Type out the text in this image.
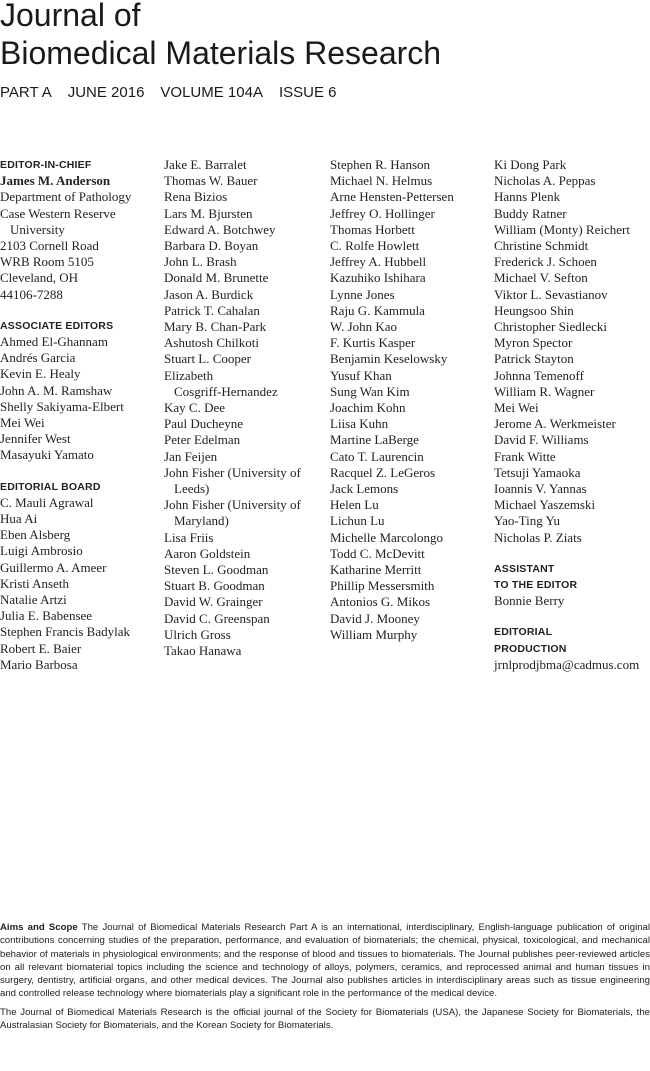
Journal of
Biomedical Materials Research
PART A JUNE 2016 VOLUME 104A ISSUE 6
EDITOR-IN-CHIEF
James M. Anderson
Department of Pathology
Case Western Reserve
University
2103 Cornell Road
WRB Room 5105
Cleveland, OH
44106-7288
ASSOCIATE EDITORS
Ahmed El-Ghannam
Andrés Garcia
Kevin E. Healy
John A. M. Ramshaw
Shelly Sakiyama-Elbert
Mei Wei
Jennifer West
Masayuki Yamato
EDITORIAL BOARD
C. Mauli Agrawal
Hua Ai
Eben Alsberg
Luigi Ambrosio
Guillermo A. Ameer
Kristi Anseth
Natalie Artzi
Julia E. Babensee
Stephen Francis Badylak
Robert E. Baier
Mario Barbosa
Jake E. Barralet
Thomas W. Bauer
Rena Bizios
Lars M. Bjursten
Edward A. Botchwey
Barbara D. Boyan
John L. Brash
Donald M. Brunette
Jason A. Burdick
Patrick T. Cahalan
Mary B. Chan-Park
Ashutosh Chilkoti
Stuart L. Cooper
Elizabeth
Cosgriff-Hernandez
Kay C. Dee
Paul Ducheyne
Peter Edelman
Jan Feijen
John Fisher (University of
Leeds)
John Fisher (University of
Maryland)
Lisa Friis
Aaron Goldstein
Steven L. Goodman
Stuart B. Goodman
David W. Grainger
David C. Greenspan
Ulrich Gross
Takao Hanawa
Stephen R. Hanson
Michael N. Helmus
Arne Hensten-Pettersen
Jeffrey O. Hollinger
Thomas Horbett
C. Rolfe Howlett
Jeffrey A. Hubbell
Kazuhiko Ishihara
Lynne Jones
Raju G. Kammula
W. John Kao
F. Kurtis Kasper
Benjamin Keselowsky
Yusuf Khan
Sung Wan Kim
Joachim Kohn
Liisa Kuhn
Martine LaBerge
Cato T. Laurencin
Racquel Z. LeGeros
Jack Lemons
Helen Lu
Lichun Lu
Michelle Marcolongo
Todd C. McDevitt
Katharine Merritt
Phillip Messersmith
Antonios G. Mikos
David J. Mooney
William Murphy
Ki Dong Park
Nicholas A. Peppas
Hanns Plenk
Buddy Ratner
William (Monty) Reichert
Christine Schmidt
Frederick J. Schoen
Michael V. Sefton
Viktor L. Sevastianov
Heungsoo Shin
Christopher Siedlecki
Myron Spector
Patrick Stayton
Johnna Temenoff
William R. Wagner
Mei Wei
Jerome A. Werkmeister
David F. Williams
Frank Witte
Tetsuji Yamaoka
Ioannis V. Yannas
Michael Yaszemski
Yao-Ting Yu
Nicholas P. Ziats
ASSISTANT
TO THE EDITOR
Bonnie Berry
EDITORIAL
PRODUCTION
jrnlprodjbma@cadmus.com

Aims and Scope The Journal of Biomedical Materials Research Part A is an international, interdisciplinary, English-language publication of original contributions concerning studies of the preparation, performance, and evaluation of biomaterials; the chemical, physical, toxicological, and mechanical behavior of materials in physiological environments; and the response of blood and tissues to biomaterials. The Journal publishes peer-reviewed articles on all relevant biomaterial topics including the science and technology of alloys, polymers, ceramics, and reprocessed animal and human tissues in surgery, dentistry, artificial organs, and other medical devices. The Journal also publishes articles in interdisciplinary areas such as tissue engineering and controlled release technology where biomaterials play a significant role in the performance of the medical device.

The Journal of Biomedical Materials Research is the official journal of the Society for Biomaterials (USA), the Japanese Society for Biomaterials, the Australasian Society for Biomaterials, and the Korean Society for Biomaterials.
